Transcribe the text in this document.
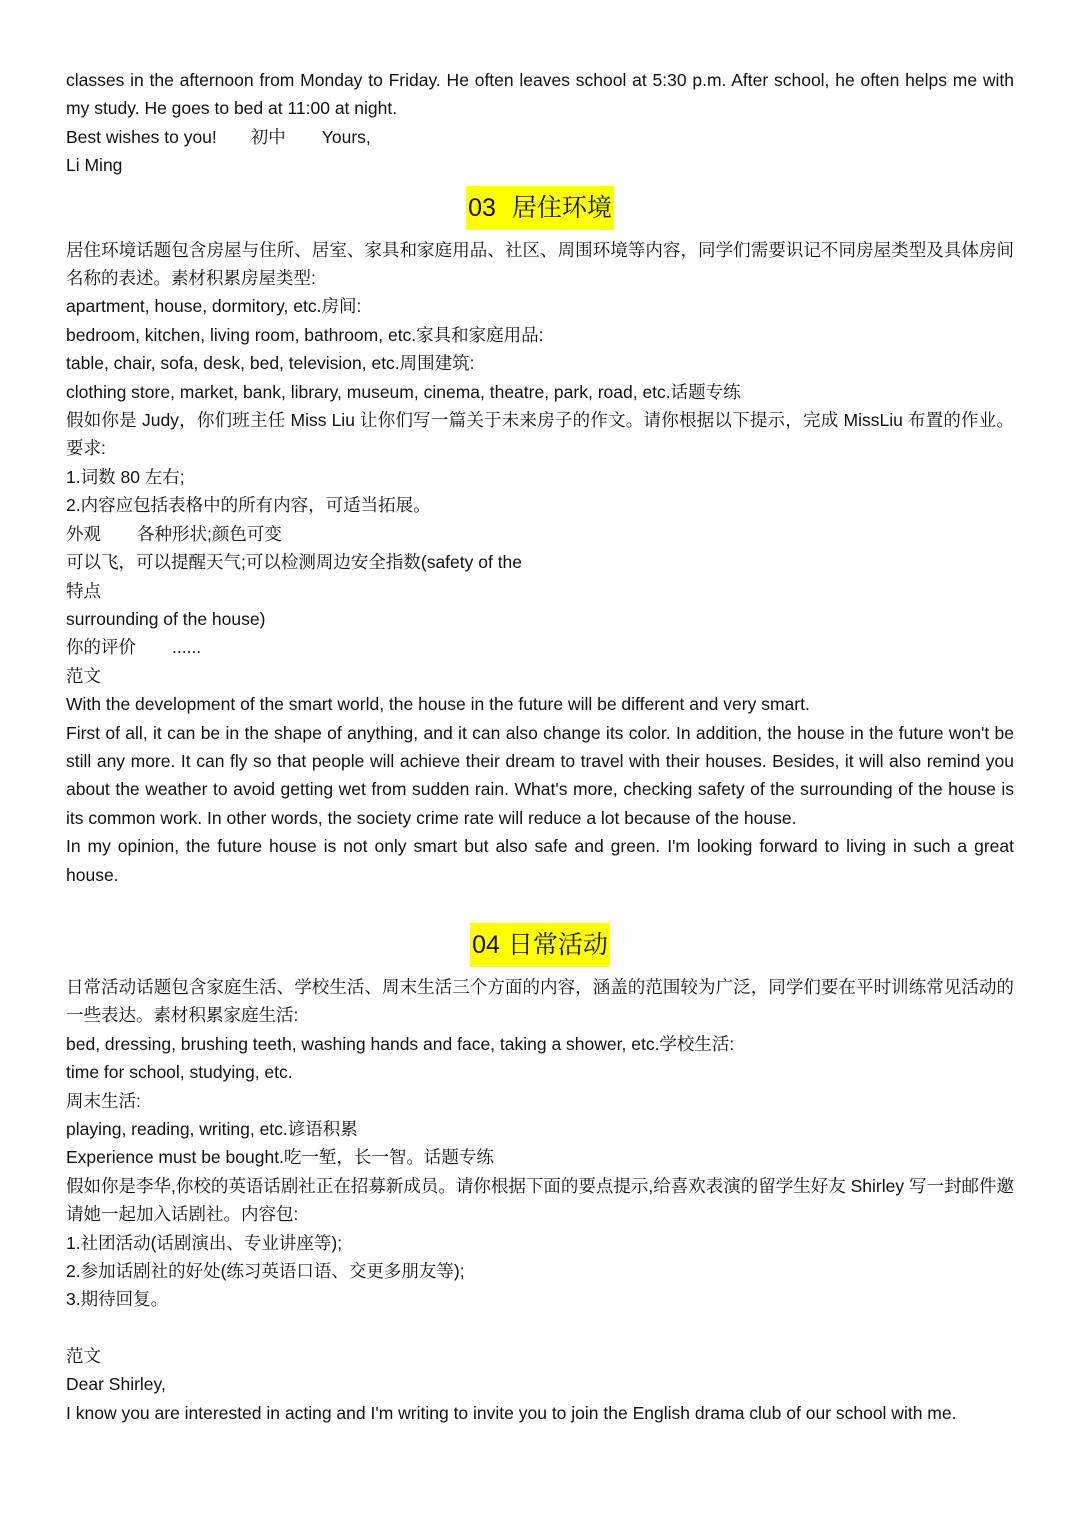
classes in the afternoon from Monday to Friday. He often leaves school at 5:30 p.m. After school, he often helps me with my study. He goes to bed at 11:00 at night.
Best wishes to you! 初中 Yours,
Li Ming
03 居住环境
居住环境话题包含房屋与住所、居室、家具和家庭用品、社区、周围环境等内容，同学们需要识记不同房屋类型及具体房间名称的表述。素材积累房屋类型:
apartment, house, dormitory, etc.房间:
bedroom, kitchen, living room, bathroom, etc.家具和家庭用品:
table, chair, sofa, desk, bed, television, etc.周围建筑:
clothing store, market, bank, library, museum, cinema, theatre, park, road, etc.话题专练
假如你是 Judy，你们班主任 Miss Liu 让你们写一篇关于未来房子的作文。请你根据以下提示，完成 MissLiu 布置的作业。要求:
1.词数 80 左右;
2.内容应包括表格中的所有内容，可适当拓展。
外观 各种形状;颜色可变
可以飞，可以提醒天气;可以检测周边安全指数(safety of the
特点
surrounding of the house)
你的评价 ......
范文
With the development of the smart world, the house in the future will be different and very smart.
First of all, it can be in the shape of anything, and it can also change its color. In addition, the house in the future won't be still any more. It can fly so that people will achieve their dream to travel with their houses. Besides, it will also remind you about the weather to avoid getting wet from sudden rain. What's more, checking safety of the surrounding of the house is its common work. In other words, the society crime rate will reduce a lot because of the house.
In my opinion, the future house is not only smart but also safe and green. I'm looking forward to living in such a great house.
04 日常活动
日常活动话题包含家庭生活、学校生活、周末生活三个方面的内容，涵盖的范围较为广泛，同学们要在平时训练常见活动的一些表达。素材积累家庭生活:
bed, dressing, brushing teeth, washing hands and face, taking a shower, etc.学校生活:
time for school, studying, etc.
周末生活:
playing, reading, writing, etc.谚语积累
Experience must be bought.吃一堑，长一智。话题专练
假如你是李华,你校的英语话剧社正在招募新成员。请你根据下面的要点提示,给喜欢表演的留学生好友 Shirley 写一封邮件邀请她一起加入话剧社。内容包:
1.社团活动(话剧演出、专业讲座等);
2.参加话剧社的好处(练习英语口语、交更多朋友等);
3.期待回复。
范文
Dear Shirley,
I know you are interested in acting and I'm writing to invite you to join the English drama club of our school with me.
